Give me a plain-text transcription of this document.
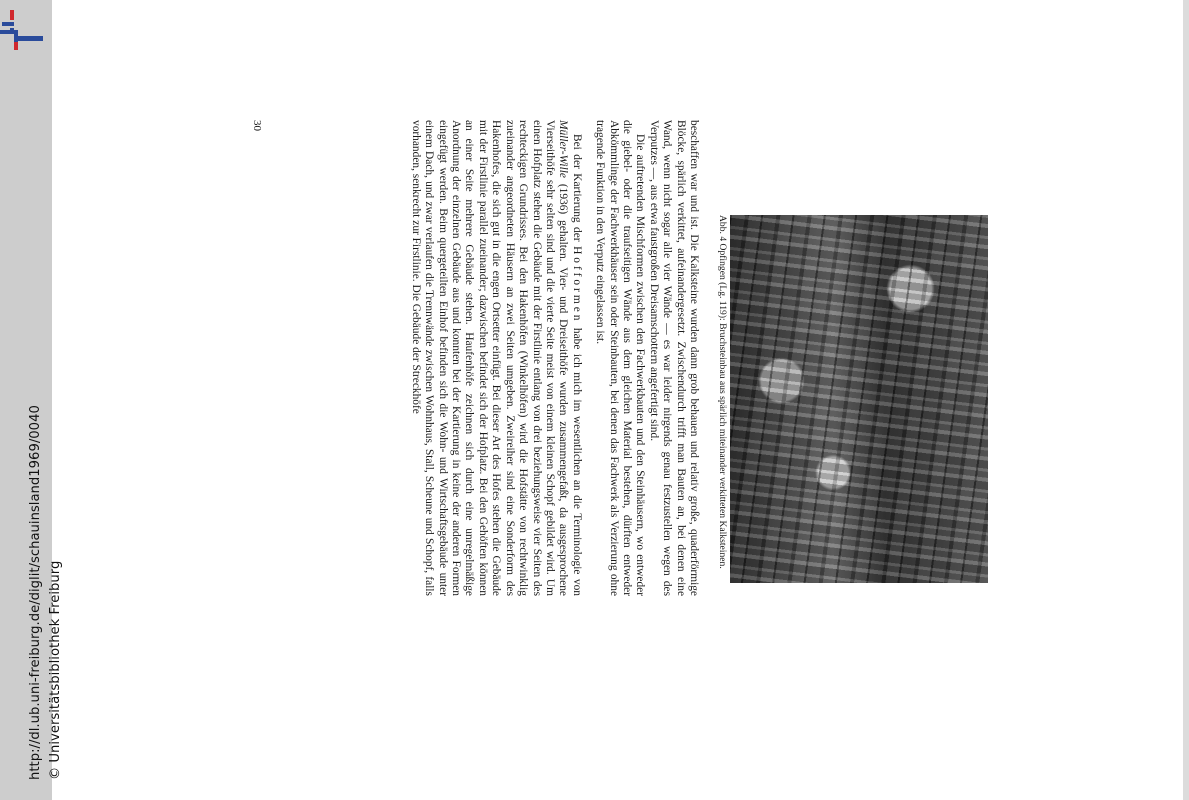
http://dl.ub.uni-freiburg.de/diglit/schauinsland1969/0040 © Universitätsbibliothek Freiburg
Abb. 4 Opfingen (Lg. 119): Bruchsteinbau aus spärlich miteinander verkitteten Kalksteinen.

beschaffen war und ist. Die Kalksteine wurden dann grob behauen und relativ große, quaderförmige Blöcke, spärlich verkittet, aufeinandergesetzt. Zwischendurch trifft man Bauten an, bei denen eine Wand, wenn nicht sogar alle vier Wände — es war leider nirgends genau festzustellen wegen des Verputzes —, aus etwa faustgroßen Dreisamschottern angefertigt sind.

Die auftretenden Mischformen zwischen den Fachwerkbauten und den Steinhäusern, wo entweder die giebel- oder die traufseitigen Wände aus dem gleichen Material bestehen, dürften entweder Abkömmlinge der Fachwerkhäuser sein oder Steinbauten, bei denen das Fachwerk als Verzierung ohne tragende Funktion in den Verputz eingelassen ist.

Bei der Kartierung der Hofformen habe ich mich im wesentlichen an die Terminologie von Müller-Wille (1936) gehalten. Vier- und Dreiseithöfe wurden zusammengefaßt, da ausgesprochene Vierseithöfe sehr selten sind und die vierte Seite meist von einem kleinen Schopf gebildet wird. Um einen Hofplatz stehen die Gebäude mit der Firstlinie entlang von drei beziehungsweise vier Seiten des rechteckigen Grundrisses. Bei den Hakenhöfen (Winkelhöfen) wird die Hofstätte von rechtwinklig zueinander angeordneten Häusern an zwei Seiten umgeben. Zweireiher sind eine Sonderform des Hakenhofes, die sich gut in die engen Ortsetter einfügt. Bei dieser Art des Hofes stehen die Gebäude mit der Firstlinie parallel zueinander; dazwischen befindet sich der Hofplatz. Bei den Gehöften können an einer Seite mehrere Gebäude stehen. Haufenhöfe zeichnen sich durch eine unregelmäßige Anordnung der einzelnen Gebäude aus und konnten bei der Kartierung in keine der anderen Formen eingefügt werden. Beim quergeteilten Einhof befinden sich die Wohn- und Wirtschaftsgebäude unter einem Dach, und zwar verlaufen die Trennwände zwischen Wohnhaus, Stall, Scheune und Schopf, falls vorhanden, senkrecht zur Firstlinie. Die Gebäude der Streckhöfe

30
